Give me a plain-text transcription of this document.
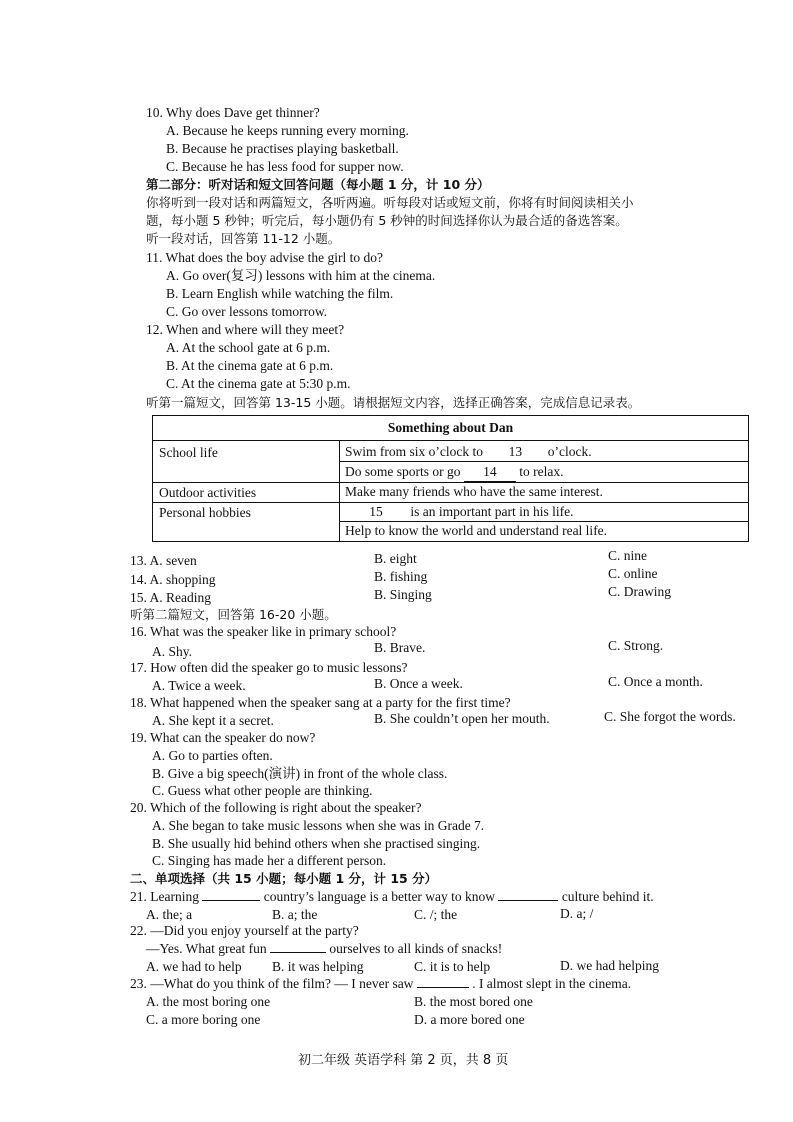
10. Why does Dave get thinner?
A. Because he keeps running every morning.
B. Because he practises playing basketball.
C. Because he has less food for supper now.
第二部分：听对话和短文回答问题（每小题 1 分，计 10 分）
你将听到一段对话和两篇短文，各听两遍。听每段对话或短文前，你将有时间阅读相关小
题，每小题 5 秒钟；听完后，每小题仍有 5 秒钟的时间选择你认为最合适的备选答案。
听一段对话，回答第 11-12 小题。
11. What does the boy advise the girl to do?
A. Go over(复习) lessons with him at the cinema.
B. Learn English while watching the film.
C. Go over lessons tomorrow.
12. When and where will they meet?
A. At the school gate at 6 p.m.
B. At the cinema gate at 6 p.m.
C. At the cinema gate at 5:30 p.m.
听第一篇短文，回答第 13-15 小题。请根据短文内容，选择正确答案，完成信息记录表。
Something about Dan
School life	Swim from six o’clock to 13 o’clock.
Do some sports or go 14 to relax.
Outdoor activities	Make many friends who have the same interest.
Personal hobbies	15 is an important part in his life.
Help to know the world and understand real life.
13. A. seven	B. eight	C. nine
14. A. shopping	B. fishing	C. online
15. A. Reading	B. Singing	C. Drawing
听第二篇短文，回答第 16-20 小题。
16. What was the speaker like in primary school?
A. Shy.	B. Brave.	C. Strong.
17. How often did the speaker go to music lessons?
A. Twice a week.	B. Once a week.	C. Once a month.
18. What happened when the speaker sang at a party for the first time?
A. She kept it a secret.	B. She couldn’t open her mouth.	C. She forgot the words.
19. What can the speaker do now?
A. Go to parties often.
B. Give a big speech(演讲) in front of the whole class.
C. Guess what other people are thinking.
20. Which of the following is right about the speaker?
A. She began to take music lessons when she was in Grade 7.
B. She usually hid behind others when she practised singing.
C. Singing has made her a different person.
二、单项选择（共 15 小题；每小题 1 分，计 15 分）
21. Learning	country’s language is a better way to know	culture behind it.
A. the; a	B. a; the	C. /; the	D. a; /
22. —Did you enjoy yourself at the party?
—Yes. What great fun	ourselves to all kinds of snacks!
A. we had to help B. it was helping	C. it is to help	D. we had helping
23. —What do you think of the film? — I never saw	. I almost slept in the cinema.
A. the most boring one	B. the most bored one
C. a more boring one	D. a more bored one
初二年级 英语学科 第 2 页，共 8 页
